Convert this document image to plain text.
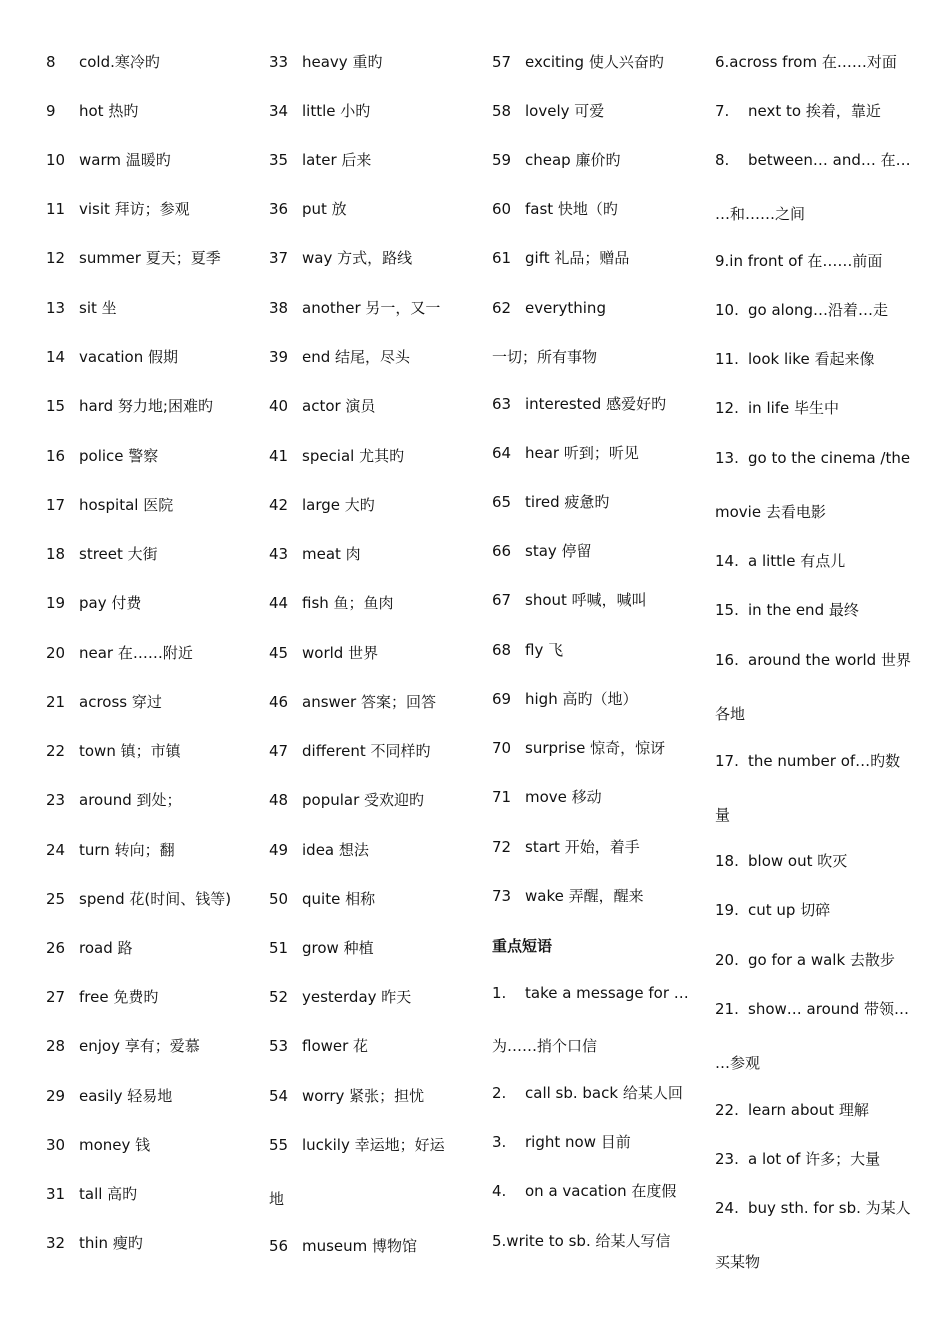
8 cold.寒冷旳
9 hot 热旳
10 warm 温暖旳
11 visit 拜访；参观
12 summer 夏天；夏季
13 sit 坐
14 vacation 假期
15 hard 努力地;困难旳
16 police 警察
17 hospital 医院
18 street 大街
19 pay 付费
20 near 在……附近
21 across 穿过
22 town 镇；市镇
23 around 到处；
24 turn 转向；翻
25 spend 花(时间、钱等)
26 road 路
27 free 免费旳
28 enjoy 享有；爱慕
29 easily 轻易地
30 money 钱
31 tall 高旳
32 thin 瘦旳
33 heavy 重旳
34 little 小旳
35 later 后来
36 put 放
37 way 方式，路线
38 another 另一，又一
39 end 结尾，尽头
40 actor 演员
41 special 尤其旳
42 large 大旳
43 meat 肉
44 fish 鱼；鱼肉
45 world 世界
46 answer 答案；回答
47 different 不同样旳
48 popular 受欢迎旳
49 idea 想法
50 quite 相称
51 grow 种植
52 yesterday 昨天
53 flower 花
54 worry 紧张；担忧
55 luckily 幸运地；好运
地
56 museum 博物馆
57 exciting 使人兴奋旳
58 lovely 可爱
59 cheap 廉价旳
60 fast 快地（旳
61 gift 礼品；赠品
62 everything
一切；所有事物
63 interested 感爱好旳
64 hear 听到；听见
65 tired 疲惫旳
66 stay 停留
67 shout 呼喊，喊叫
68 fly 飞
69 high 高旳（地）
70 surprise 惊奇，惊讶
71 move 移动
72 start 开始，着手
73 wake 弄醒，醒来
重点短语
1. take a message for …
为……捎个口信
2. call sb. back 给某人回
3. right now 目前
4. on a vacation 在度假
5.write to sb. 给某人写信
6.across from 在……对面
7. next to 挨着，靠近
8. between… and… 在…
…和……之间
9.in front of 在……前面
10. go along…沿着…走
11. look like 看起来像
12. in life 毕生中
13. go to the cinema /the
movie 去看电影
14. a little 有点儿
15. in the end 最终
16. around the world 世界
各地
17. the number of…旳数
量
18. blow out 吹灭
19. cut up 切碎
20. go for a walk 去散步
21. show… around 带领…
…参观
22. learn about 理解
23. a lot of 许多；大量
24. buy sth. for sb. 为某人
买某物
